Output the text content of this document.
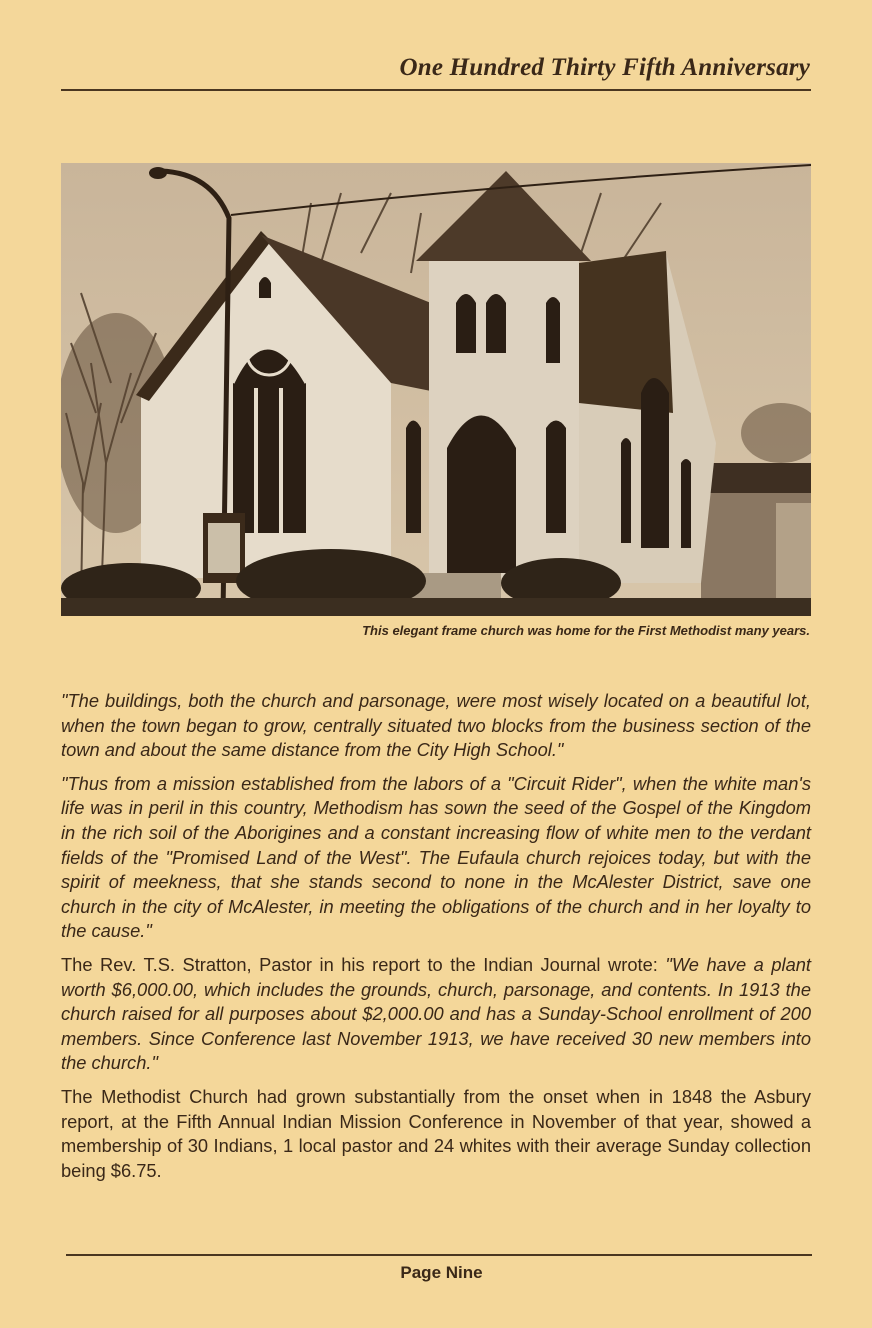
One Hundred Thirty Fifth Anniversary
This elegant frame church was home for the First Methodist many years.

"The buildings, both the church and parsonage, were most wisely located on a beautiful lot, when the town began to grow, centrally situated two blocks from the business section of the town and about the same distance from the City High School."

"Thus from a mission established from the labors of a "Circuit Rider", when the white man's life was in peril in this country, Methodism has sown the seed of the Gospel of the Kingdom in the rich soil of the Aborigines and a constant increasing flow of white men to the verdant fields of the "Promised Land of the West". The Eufaula church rejoices today, but with the spirit of meekness, that she stands second to none in the McAlester District, save one church in the city of McAlester, in meeting the obligations of the church and in her loyalty to the cause."

The Rev. T.S. Stratton, Pastor in his report to the Indian Journal wrote: "We have a plant worth $6,000.00, which includes the grounds, church, parsonage, and contents. In 1913 the church raised for all purposes about $2,000.00 and has a Sunday-School enrollment of 200 members. Since Conference last November 1913, we have received 30 new members into the church."

The Methodist Church had grown substantially from the onset when in 1848 the Asbury report, at the Fifth Annual Indian Mission Conference in November of that year, showed a membership of 30 Indians, 1 local pastor and 24 whites with their average Sunday collection being $6.75.

Page Nine
